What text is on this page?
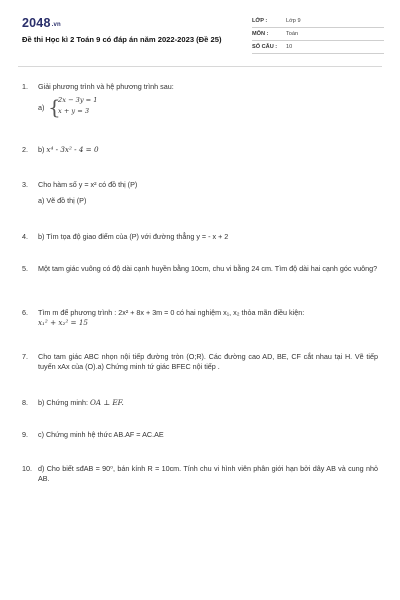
2048.vn
Đề thi Học kì 2 Toán 9 có đáp án năm 2022-2023 (Đề 25)
LỚP :	Lớp 9
MÔN :	Toán
SỐ CÂU : 10
1.	Giải phương trình và hệ phương trình sau:
a) {
2x − 3y = 1
x + y = 3
2.	b) x⁴ - 3x² - 4 = 0
3.	Cho hàm số y = x² có đồ thị (P)
a) Vẽ đồ thị (P)
4.	b) Tìm tọa độ giao điểm của (P) với đường thẳng y = - x + 2
5.	Một tam giác vuông có độ dài cạnh huyền bằng 10cm, chu vi bằng 24 cm. Tìm độ dài hai cạnh góc vuông?
6.	Tìm m để phương trình : 2x² + 8x + 3m = 0 có hai nghiệm x₁, x₂ thỏa mãn điều kiện:
x₁² + x₂² = 15
7.	Cho tam giác ABC nhọn nội tiếp đường tròn (O;R). Các đường cao AD, BE, CF cắt nhau tại H. Vẽ tiếp tuyến xAx của (O).a) Chứng minh tứ giác BFEC nội tiếp .
8.	b) Chứng minh: OA ⊥ EF.
9.	c) Chứng minh hệ thức AB.AF = AC.AE
10. d) Cho biết sđAB = 90⁰, bán kính R = 10cm. Tính chu vi hình viên phân giới hạn bởi dây AB và cung nhỏ AB.
